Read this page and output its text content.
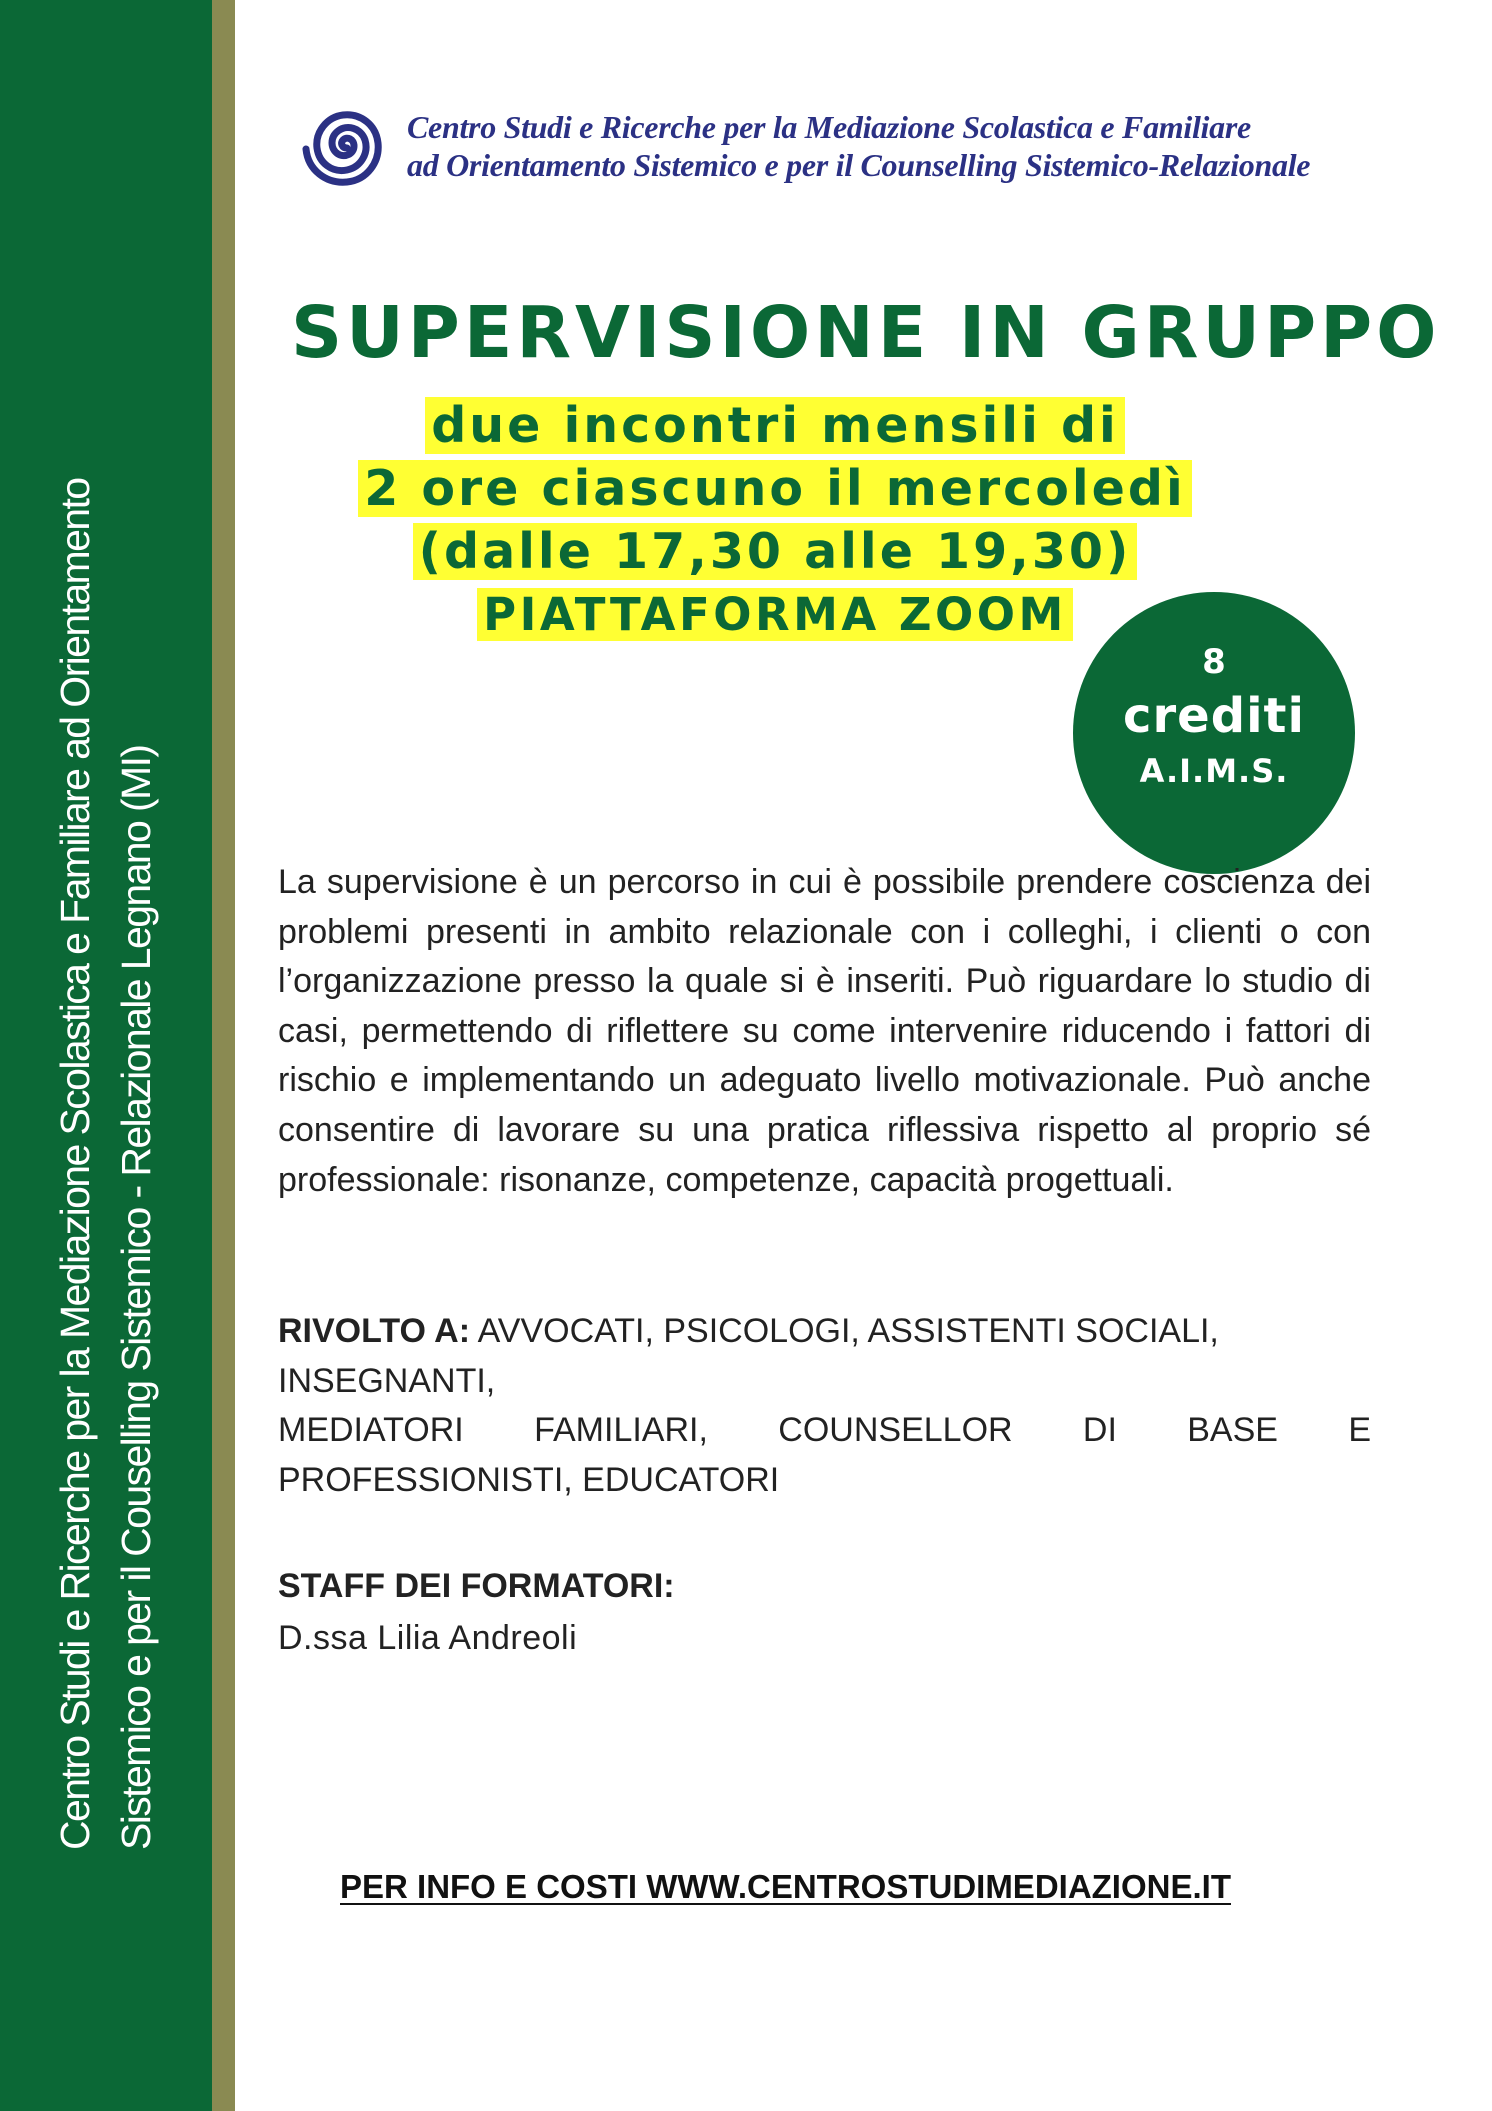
Centro Studi e Ricerche per la Mediazione Scolastica e Familiare ad Orientamento Sistemico e per il Couselling Sistemico - Relazionale Legnano (MI)
Centro Studi e Ricerche per la Mediazione Scolastica e Familiare
ad Orientamento Sistemico e per il Counselling Sistemico-Relazionale
SUPERVISIONE IN GRUPPO
due incontri mensili di
2 ore ciascuno il mercoledì
(dalle 17,30 alle 19,30)
PIATTAFORMA ZOOM
8
crediti
A.I.M.S.
La supervisione è un percorso in cui è possibile prendere coscienza dei problemi presenti in ambito relazionale con i colleghi, i clienti o con l’organizzazione presso la quale si è inseriti. Può riguardare lo studio di casi, permettendo di riflettere su come intervenire riducendo i fattori di rischio e implementando un adeguato livello motivazionale. Può anche consentire di lavorare su una pratica riflessiva rispetto al proprio sé professionale: risonanze, competenze, capacità progettuali.
RIVOLTO A: AVVOCATI, PSICOLOGI, ASSISTENTI SOCIALI,
INSEGNANTI,
MEDIATORI FAMILIARI, COUNSELLOR DI BASE E
PROFESSIONISTI, EDUCATORI
STAFF DEI FORMATORI:
D.ssa Lilia Andreoli
PER INFO E COSTI WWW.CENTROSTUDIMEDIAZIONE.IT
